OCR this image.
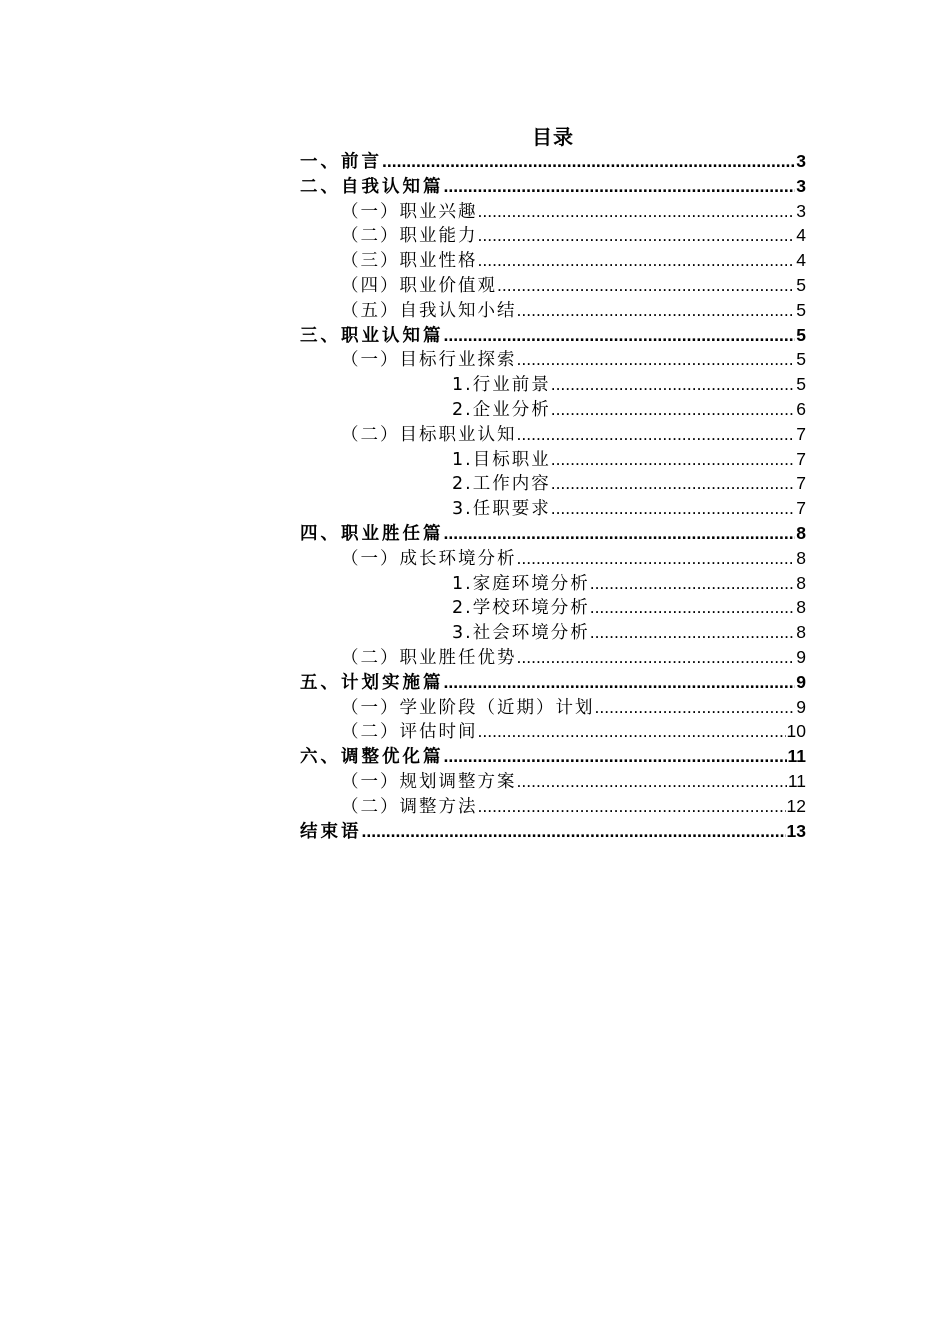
目录
一、前言 .....	3
二、自我认知篇 .....	3
（一）职业兴趣 .....	3
（二）职业能力 .....	4
（三）职业性格 .....	4
（四）职业价值观 .....	5
（五）自我认知小结 .....	5
三、职业认知篇 .....	5
（一）目标行业探索 .....	5
1.行业前景 .....	5
2.企业分析 .....	6
（二）目标职业认知 .....	7
1.目标职业 .....	7
2.工作内容 .....	7
3.任职要求 .....	7
四、职业胜任篇 .....	8
（一）成长环境分析 .....	8
1.家庭环境分析 .....	8
2.学校环境分析 .....	8
3.社会环境分析 .....	8
（二）职业胜任优势 .....	9
五、计划实施篇 .....	9
（一）学业阶段（近期）计划 .....	9
（二）评估时间 .....	10
六、调整优化篇 .....	11
（一）规划调整方案 .....	11
（二）调整方法 .....	12
结束语 .....	13
